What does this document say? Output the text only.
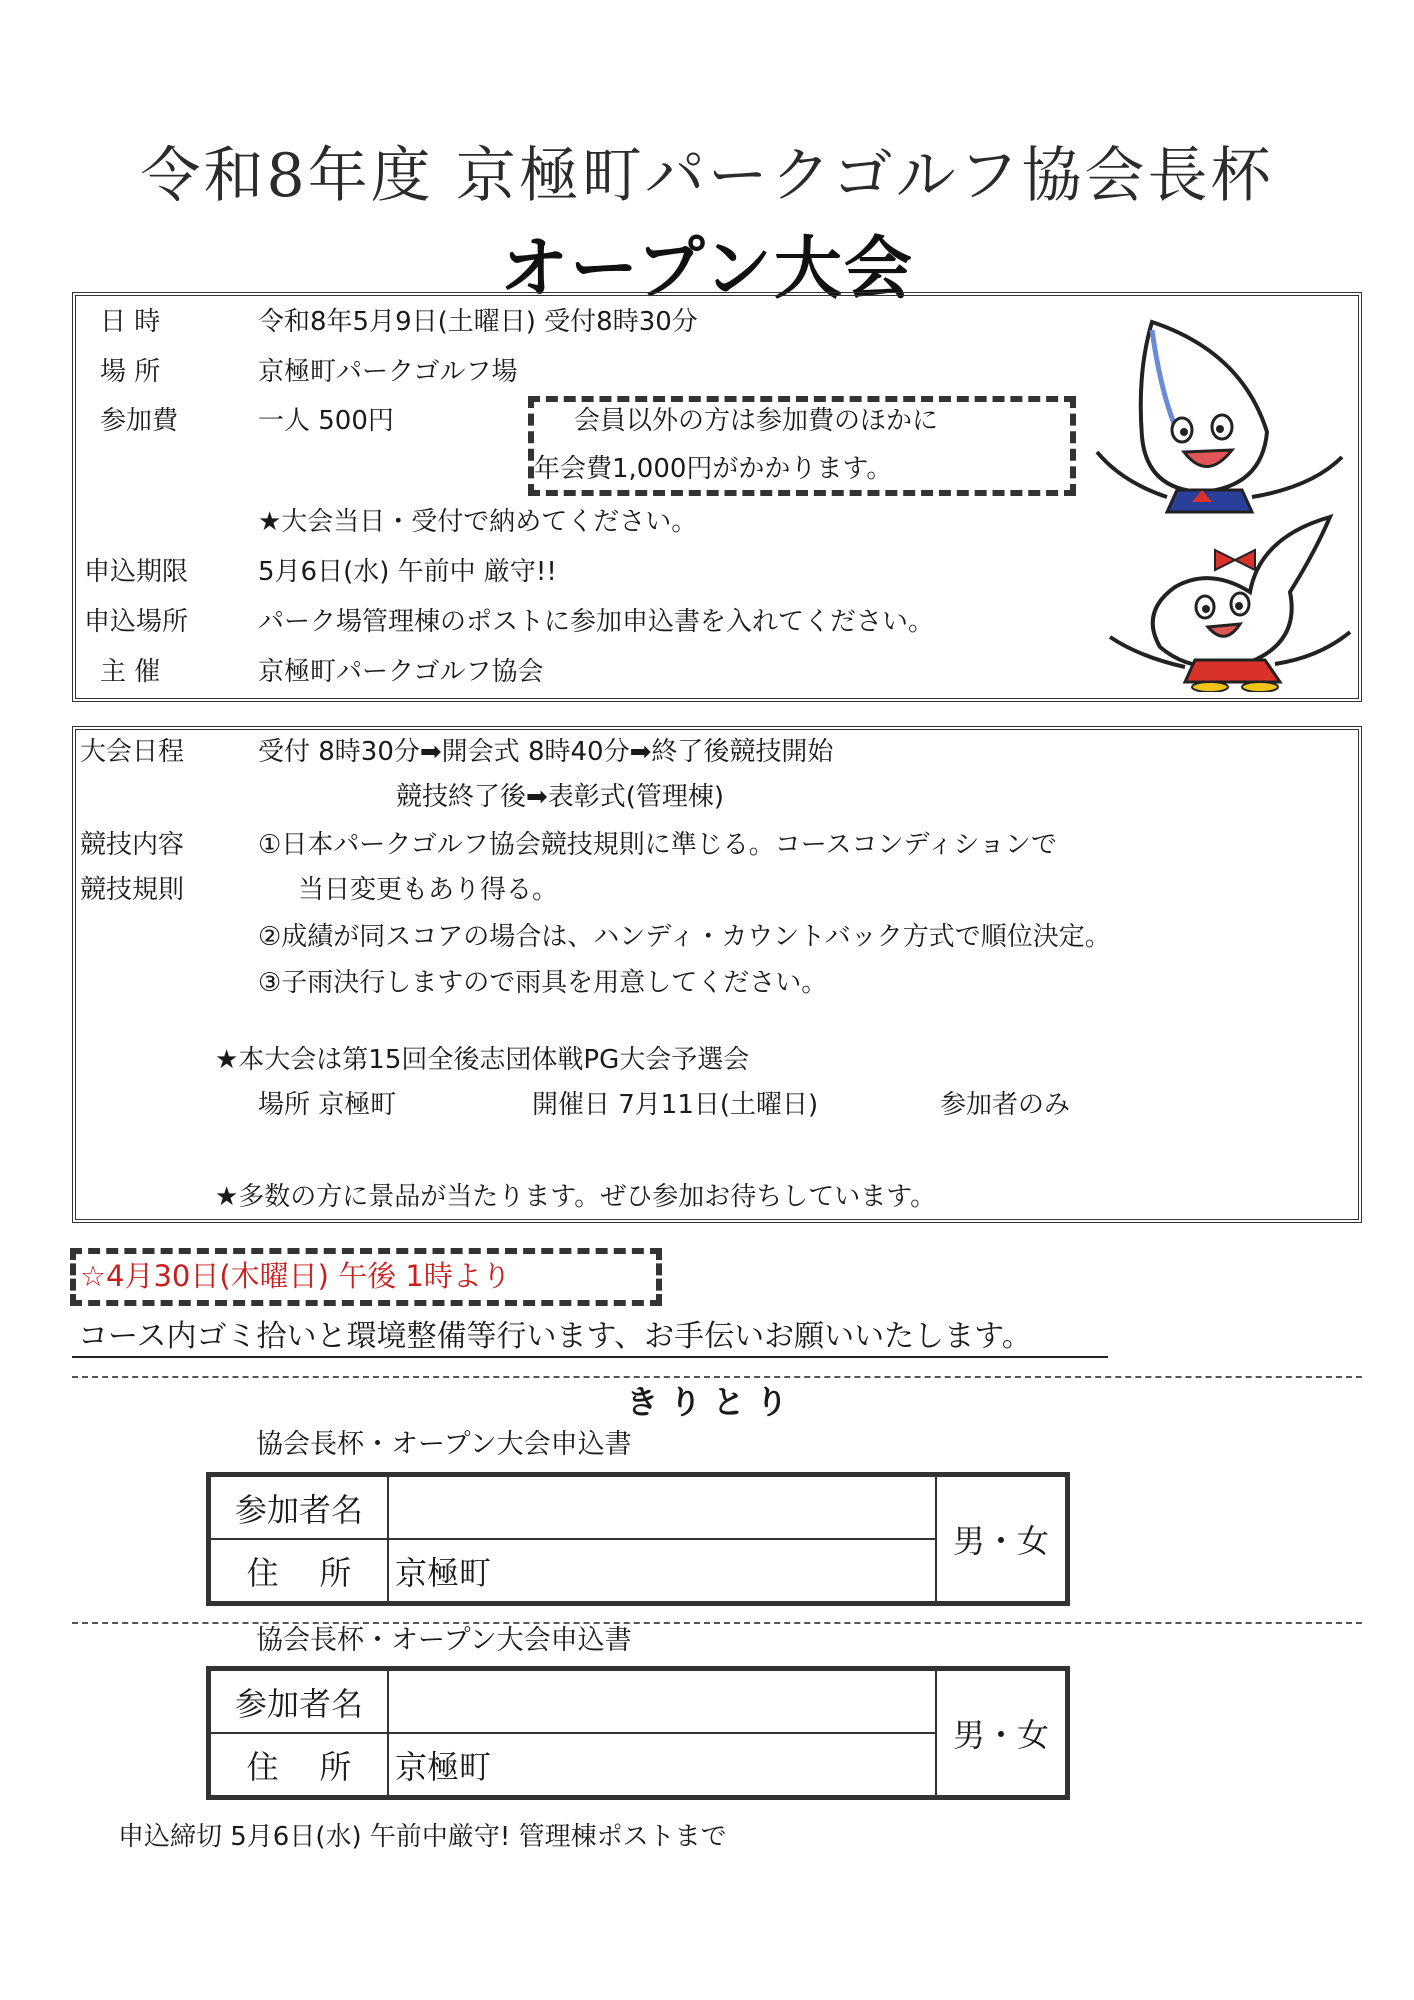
令和8年度 京極町パークゴルフ協会長杯
オープン大会
日 時	令和8年5月9日(土曜日) 受付8時30分
場 所	京極町パークゴルフ場
参加費	一人 500円	会員以外の方は参加費のほかに
年会費1,000円がかかります。
★大会当日・受付で納めてください。
申込期限	5月6日(水) 午前中 厳守!!
申込場所	パーク場管理棟のポストに参加申込書を入れてください。
主 催	京極町パークゴルフ協会
大会日程	受付 8時30分➡開会式 8時40分➡終了後競技開始
競技終了後➡表彰式(管理棟)
競技内容
競技規則
①日本パークゴルフ協会競技規則に準じる。コースコンディションで
当日変更もあり得る。
②成績が同スコアの場合は、ハンディ・カウントバック方式で順位決定。
③子雨決行しますので雨具を用意してください。
★本大会は第15回全後志団体戦PG大会予選会
場所 京極町	開催日 7月11日(土曜日)	参加者のみ
★多数の方に景品が当たります。ぜひ参加お待ちしています。
☆4月30日(木曜日) 午後 1時より
コース内ゴミ拾いと環境整備等行います、お手伝いお願いいたします。
き り と り
協会長杯・オープン大会申込書
参加者名		男・女
住    所	京極町	
協会長杯・オープン大会申込書
参加者名		男・女
住    所	京極町	
申込締切 5月6日(水) 午前中厳守! 管理棟ポストまで
